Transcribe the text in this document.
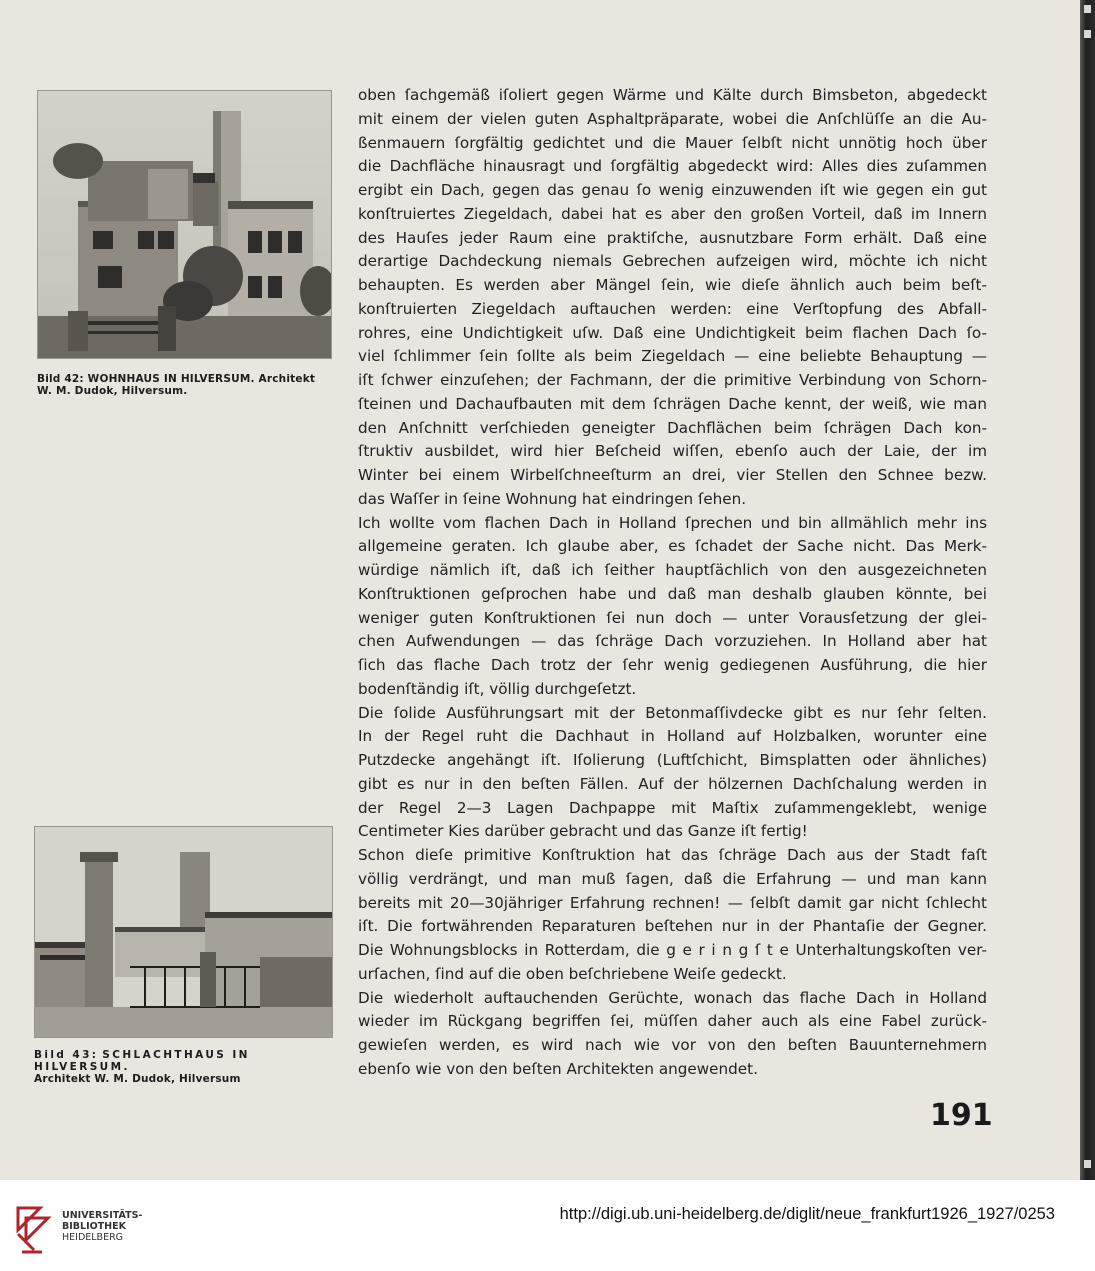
Bild 42: WOHNHAUS IN HILVERSUM. Architekt
W. M. Dudok, Hilversum.
Bild 43: SCHLACHTHAUS IN HILVERSUM.
Architekt W. M. Dudok, Hilversum
oben ſachgemäß iſoliert gegen Wärme und Kälte durch Bimsbeton, abgedeckt
mit einem der vielen guten Asphaltpräparate, wobei die Anſchlüſſe an die Au-
ßenmauern ſorgfältig gedichtet und die Mauer ſelbſt nicht unnötig hoch über
die Dachfläche hinausragt und ſorgfältig abgedeckt wird: Alles dies zuſammen
ergibt ein Dach, gegen das genau ſo wenig einzuwenden iſt wie gegen ein gut
konſtruiertes Ziegeldach, dabei hat es aber den großen Vorteil, daß im Innern
des Hauſes jeder Raum eine praktiſche, ausnutzbare Form erhält. Daß eine
derartige Dachdeckung niemals Gebrechen aufzeigen wird, möchte ich nicht
behaupten. Es werden aber Mängel ſein, wie dieſe ähnlich auch beim beſt-
konſtruierten Ziegeldach auftauchen werden: eine Verſtopfung des Abfall-
rohres, eine Undichtigkeit uſw. Daß eine Undichtigkeit beim flachen Dach ſo-
viel ſchlimmer ſein ſollte als beim Ziegeldach — eine beliebte Behauptung —
iſt ſchwer einzuſehen; der Fachmann, der die primitive Verbindung von Schorn-
ſteinen und Dachaufbauten mit dem ſchrägen Dache kennt, der weiß, wie man
den Anſchnitt verſchieden geneigter Dachflächen beim ſchrägen Dach kon-
ſtruktiv ausbildet, wird hier Beſcheid wiſſen, ebenſo auch der Laie, der im
Winter bei einem Wirbelſchneeſturm an drei, vier Stellen den Schnee bezw.
das Waſſer in ſeine Wohnung hat eindringen ſehen.
Ich wollte vom flachen Dach in Holland ſprechen und bin allmählich mehr ins
allgemeine geraten. Ich glaube aber, es ſchadet der Sache nicht. Das Merk-
würdige nämlich iſt, daß ich ſeither hauptſächlich von den ausgezeichneten
Konſtruktionen geſprochen habe und daß man deshalb glauben könnte, bei
weniger guten Konſtruktionen ſei nun doch — unter Vorausſetzung der glei-
chen Aufwendungen — das ſchräge Dach vorzuziehen. In Holland aber hat
ſich das flache Dach trotz der ſehr wenig gediegenen Ausführung, die hier
bodenſtändig iſt, völlig durchgeſetzt.
Die ſolide Ausführungsart mit der Betonmaſſivdecke gibt es nur ſehr ſelten.
In der Regel ruht die Dachhaut in Holland auf Holzbalken, worunter eine
Putzdecke angehängt iſt. Iſolierung (Luftſchicht, Bimsplatten oder ähnliches)
gibt es nur in den beſten Fällen. Auf der hölzernen Dachſchalung werden in
der Regel 2—3 Lagen Dachpappe mit Maſtix zuſammengeklebt, wenige
Centimeter Kies darüber gebracht und das Ganze iſt fertig!
Schon dieſe primitive Konſtruktion hat das ſchräge Dach aus der Stadt faſt
völlig verdrängt, und man muß ſagen, daß die Erfahrung — und man kann
bereits mit 20—30jähriger Erfahrung rechnen! — ſelbſt damit gar nicht ſchlecht
iſt. Die fortwährenden Reparaturen beſtehen nur in der Phantaſie der Gegner.
Die Wohnungsblocks in Rotterdam, die g e r i n g ſ t e Unterhaltungskoſten ver-
urſachen, ſind auf die oben beſchriebene Weiſe gedeckt.
Die wiederholt auftauchenden Gerüchte, wonach das flache Dach in Holland
wieder im Rückgang begriffen ſei, müſſen daher auch als eine Fabel zurück-
gewieſen werden, es wird nach wie vor von den beſten Bauunternehmern
ebenſo wie von den beſten Architekten angewendet.
191
UNIVERSITÄTS-
BIBLIOTHEK
HEIDELBERG
http://digi.ub.uni-heidelberg.de/diglit/neue_frankfurt1926_1927/0253
